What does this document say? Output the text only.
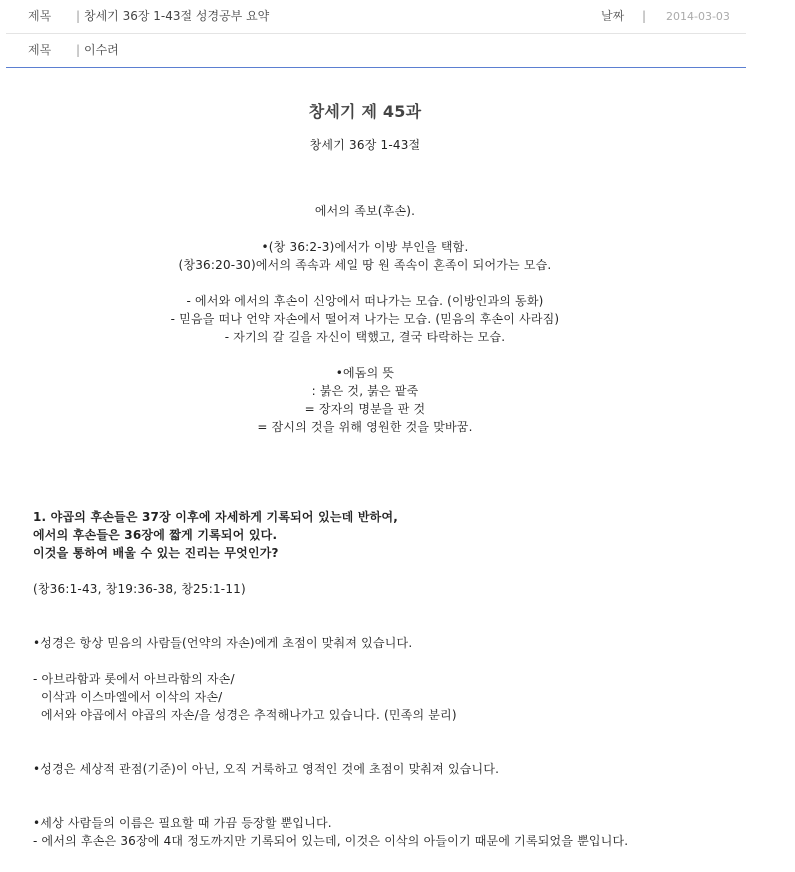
제목 | 창세기 36장 1-43절 성경공부 요약	날짜 | 2014-03-03
제목 | 이수려
창세기 제 45과
창세기 36장 1-43절
에서의 족보(후손).

•(창 36:2-3)에서가 이방 부인을 택함.
(창36:20-30)에서의 족속과 세일 땅 원 족속이 혼족이 되어가는 모습.

- 에서와 에서의 후손이 신앙에서 떠나가는 모습. (이방인과의 동화)
- 믿음을 떠나 언약 자손에서 떨어져 나가는 모습. (믿음의 후손이 사라짐)
- 자기의 갈 길을 자신이 택했고, 결국 타락하는 모습.

•에돔의 뜻
: 붉은 것, 붉은 팥죽
= 장자의 명분을 판 것
= 잠시의 것을 위해 영원한 것을 맞바꿈.
1. 야곱의 후손들은 37장 이후에 자세하게 기록되어 있는데 반하여,
에서의 후손들은 36장에 짧게 기록되어 있다.
이것을 통하여 배울 수 있는 진리는 무엇인가?
(창36:1-43, 창19:36-38, 창25:1-11)
•성경은 항상 믿음의 사람들(언약의 자손)에게 초점이 맞춰져 있습니다.
- 아브라함과 롯에서 아브라함의 자손/
이삭과 이스마엘에서 이삭의 자손/
에서와 야곱에서 야곱의 자손/을 성경은 추적해나가고 있습니다. (민족의 분리)
•성경은 세상적 관점(기준)이 아닌, 오직 거룩하고 영적인 것에 초점이 맞춰져 있습니다.
•세상 사람들의 이름은 필요할 때 가끔 등장할 뿐입니다.
- 에서의 후손은 36장에 4대 정도까지만 기록되어 있는데, 이것은 이삭의 아들이기 때문에 기록되었을 뿐입니다.
